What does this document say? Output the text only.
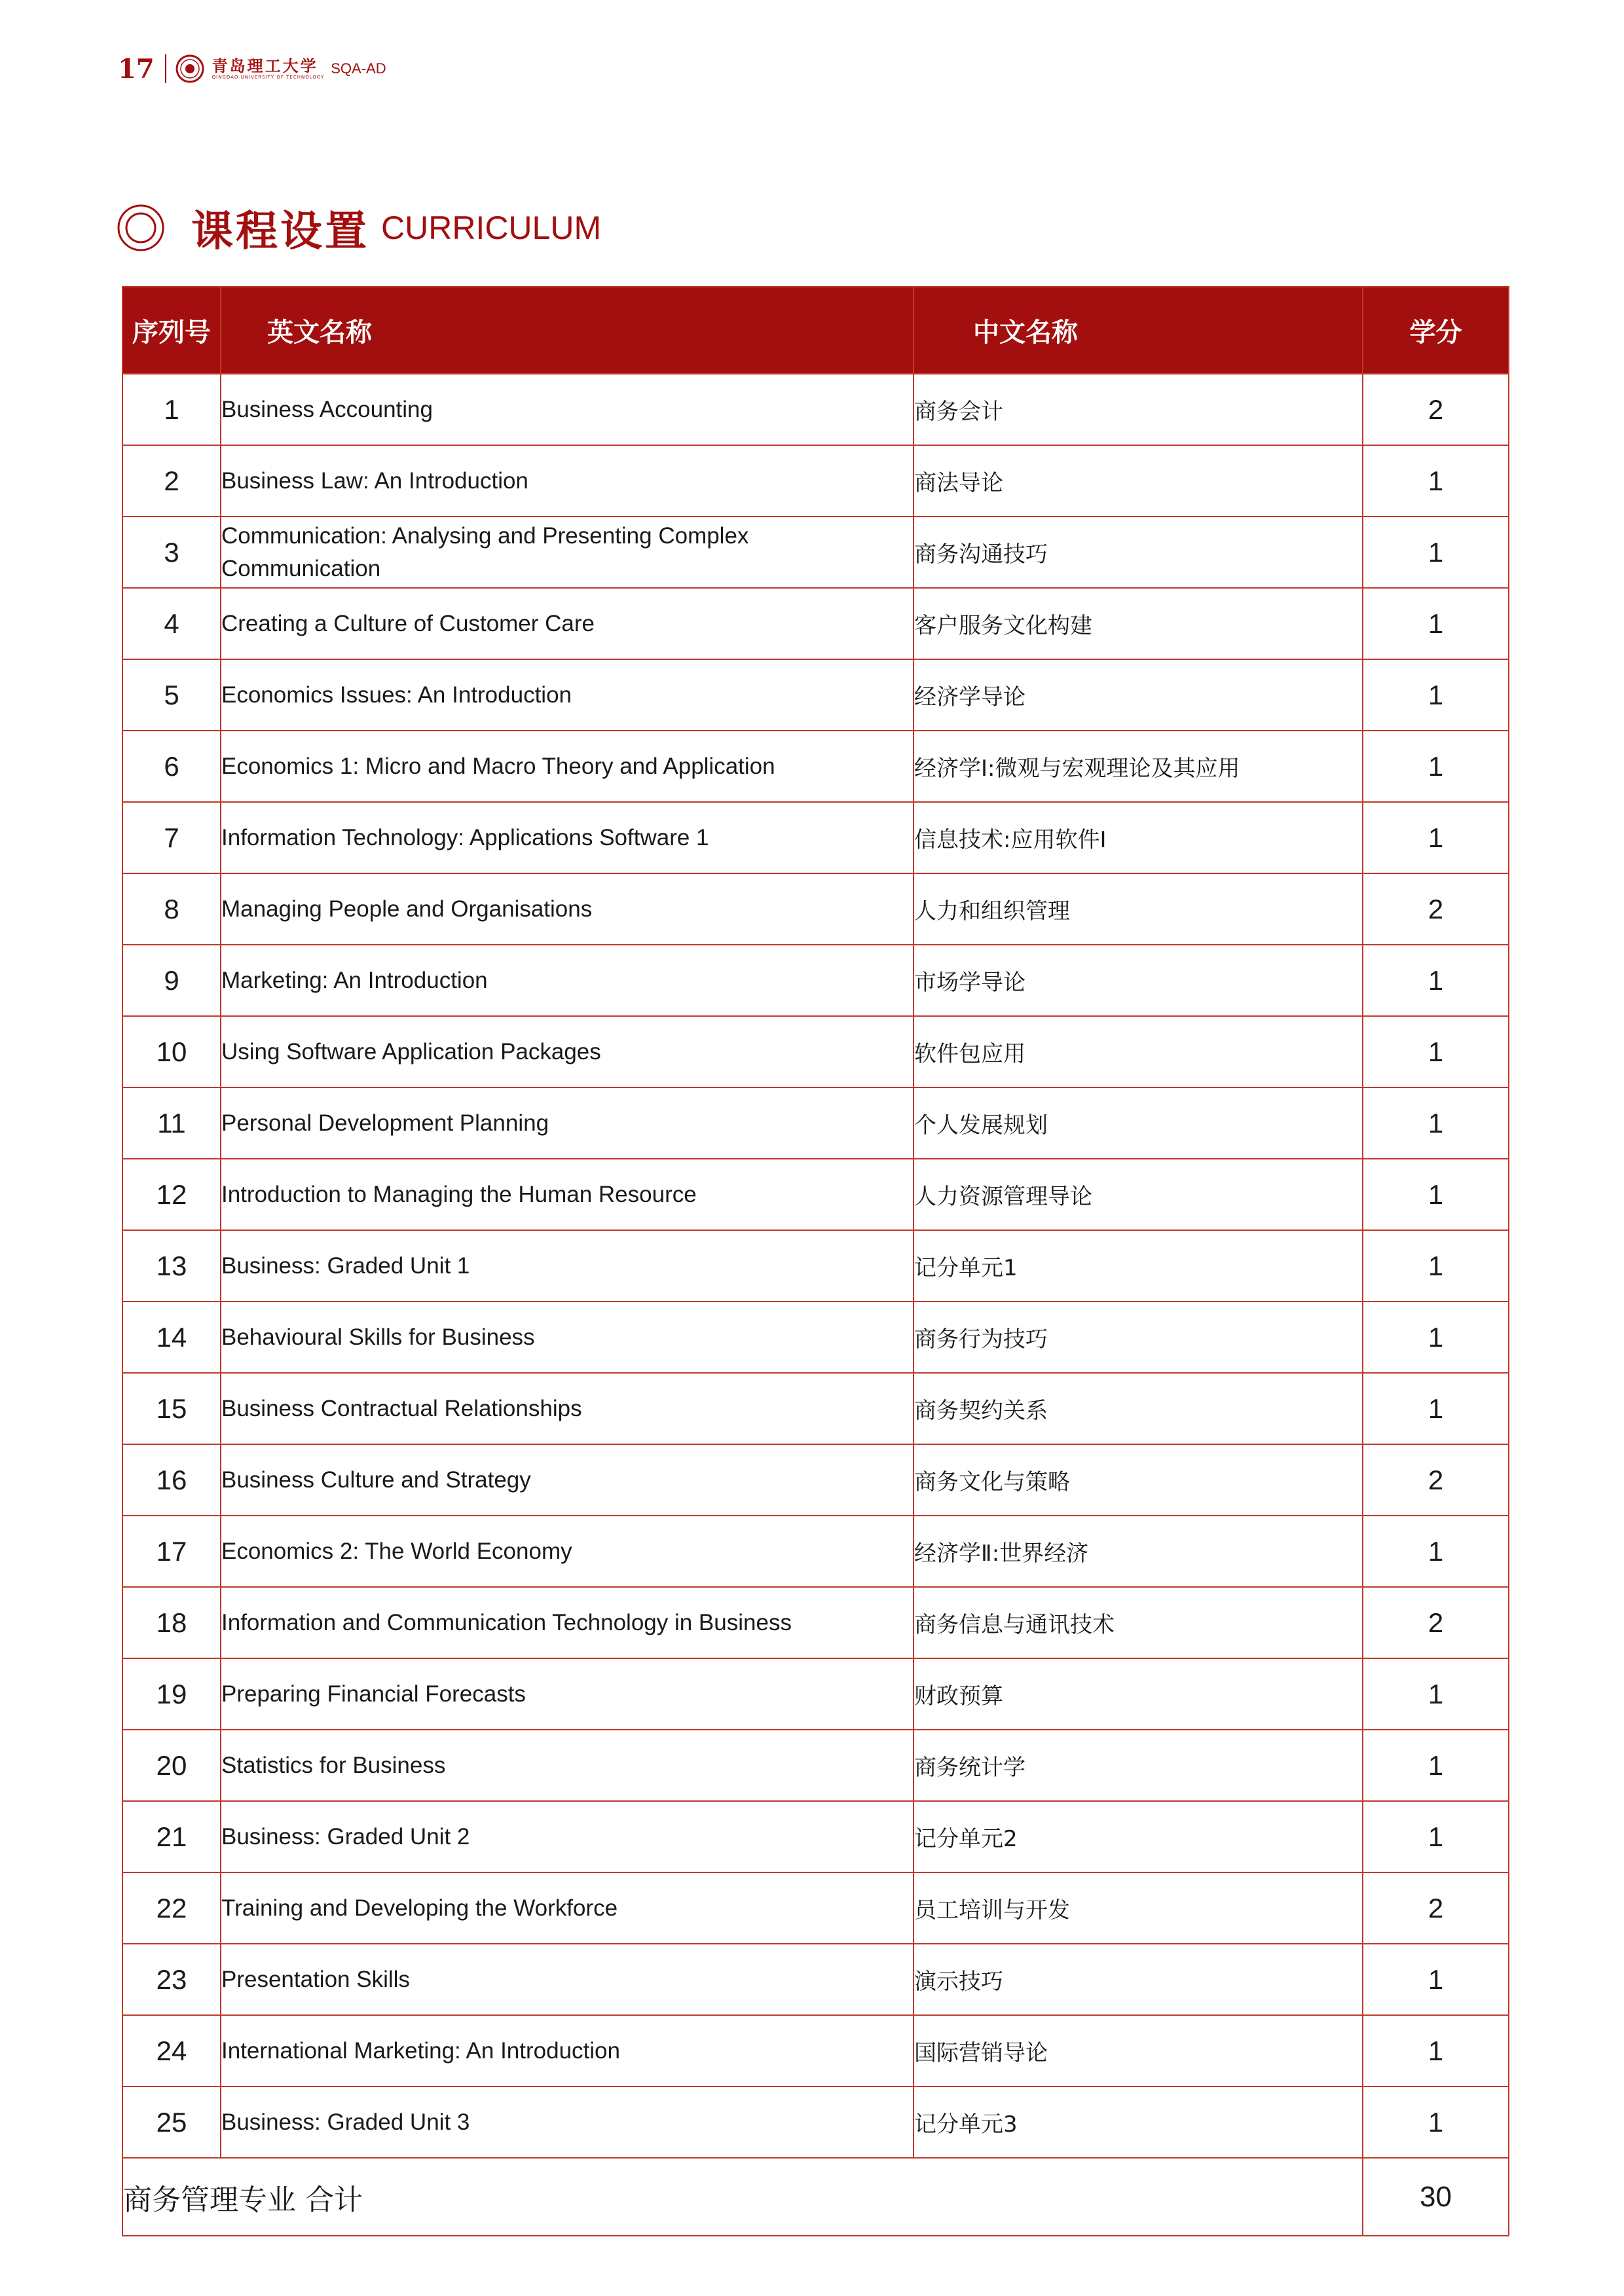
17	青岛理工大学
QINGDAO UNIVERSITY OF TECHNOLOGY
SQA-AD
课程设置 CURRICULUM
序列号	英文名称	中文名称	学分
1	Business Accounting	商务会计	2
2	Business Law: An Introduction	商法导论	1
3	Communication: Analysing and Presenting Complex Communication	商务沟通技巧	1
4	Creating a Culture of Customer Care	客户服务文化构建	1
5	Economics Issues: An Introduction	经济学导论	1
6	Economics 1: Micro and Macro Theory and Application	经济学Ⅰ:微观与宏观理论及其应用	1
7	Information Technology: Applications Software 1	信息技术:应用软件Ⅰ	1
8	Managing People and Organisations	人力和组织管理	2
9	Marketing: An Introduction	市场学导论	1
10	Using Software Application Packages	软件包应用	1
11	Personal Development Planning	个人发展规划	1
12	Introduction to Managing the Human Resource	人力资源管理导论	1
13	Business: Graded Unit 1	记分单元1	1
14	Behavioural Skills for Business	商务行为技巧	1
15	Business Contractual Relationships	商务契约关系	1
16	Business Culture and Strategy	商务文化与策略	2
17	Economics 2: The World Economy	经济学Ⅱ:世界经济	1
18	Information and Communication Technology in Business	商务信息与通讯技术	2
19	Preparing Financial Forecasts	财政预算	1
20	Statistics for Business	商务统计学	1
21	Business: Graded Unit 2	记分单元2	1
22	Training and Developing the Workforce	员工培训与开发	2
23	Presentation Skills	演示技巧	1
24	International Marketing: An Introduction	国际营销导论	1
25	Business: Graded Unit 3	记分单元3	1
商务管理专业 合计			30
